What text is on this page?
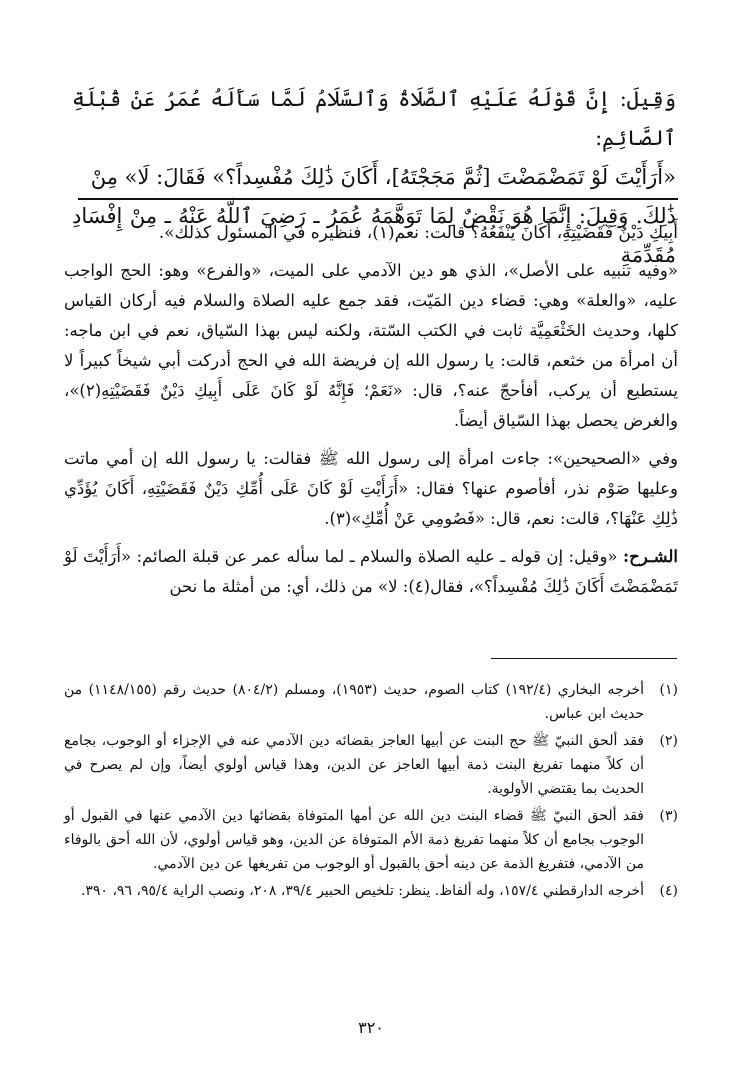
وَقِيلَ: إِنَّ قَوْلَهُ عَلَيْهِ ٱلصَّلَاةُ وَٱلسَّلَامُ لَمَّا سَأَلَهُ عُمَرُ عَنْ قُبْلَةِ ٱلصَّائِمِ:

«أَرَأَيْتَ لَوْ تَمَضْمَضْتَ [ثُمَّ مَجَجْتَهُ]، أَكَانَ ذَٰلِكَ مُفْسِداً؟» فَقَالَ: لَا» مِنْ

ذَٰلِكَ. وَقِيلَ: إِنَّمَا هُوَ نَقْضٌ لِمَا تَوَهَّمَهُ عُمَرُ ـ رَضِيَ ٱللَّهُ عَنْهُ ـ مِنْ إِفْسَادِ مُقَدِّمَةِ

أَبِيكِ دَيْنٌ فَقَضَيْتِهِ، أَكَانَ يَنْفَعُهُ؟ قالت: نعم(١)، فنظيره في المسئول كذلك».

«وفيه تنبيه على الأصل»، الذي هو دين الآدمي على الميت، «والفرع» وهو: الحج الواجب عليه، «والعلة» وهي: قضاء دين المَيّت، فقد جمع عليه الصلاة والسلام فيه أركان القياس كلها، وحديث الخَثْعَمِيَّة ثابت في الكتب السّتة، ولكنه ليس بهذا السّياق، نعم في ابن ماجه: أن امرأة من خثعم، قالت: يا رسول الله إن فريضة الله في الحج أدركت أبي شيخاً كبيراً لا يستطيع أن يركب، أفأحجّ عنه؟، قال: «نَعَمْ؛ فَإِنَّهُ لَوْ كَانَ عَلَى أَبِيكِ دَيْنٌ فَقَضَيْتِهِ(٢)»، والغرض يحصل بهذا السّياق أيضاً.

وفي «الصحيحين»: جاءت امرأة إلى رسول الله ﷺ فقالت: يا رسول الله إن أمي ماتت وعليها صَوْم نذر، أفأصوم عنها؟ فقال: «أَرَأَيْتِ لَوْ كَانَ عَلَى أُمِّكِ دَيْنٌ فَقَضَيْتِهِ، أَكَانَ يُؤَدِّي ذَٰلِكِ عَنْهَا؟، قالت: نعم، قال: «فَصُومِي عَنْ أُمِّكِ»(٣).

الشـرح: «وقيل: إن قوله ـ عليه الصلاة والسلام ـ لما سأله عمر عن قبلة الصائم: «أَرَأَيْتَ لَوْ تَمَضْمَضْتَ أَكَانَ ذَٰلِكَ مُفْسِداً؟»، فقال(٤): لا» من ذلك، أي: من أمثلة ما نحن

(١)
أخرجه البخاري (١٩٢/٤) كتاب الصوم، حديث (١٩٥٣)، ومسلم (٨٠٤/٢) حديث رقم (١١٤٨/١٥٥) من حديث ابن عباس.
(٢)
فقد ألحق النبيّ ﷺ حج البنت عن أبيها العاجز بقضائه دين الآدمي عنه في الإجزاء أو الوجوب، بجامع أن كلاً منهما تفريغ البنت ذمة أبيها العاجز عن الدين، وهذا قياس أولوي أيضاً، وإن لم يصرح في الحديث بما يقتضي الأولوية.
(٣)
فقد ألحق النبيّ ﷺ قضاء البنت دين الله عن أمها المتوفاة بقضائها دين الآدمي عنها في القبول أو الوجوب بجامع أن كلاً منهما تفريغ ذمة الأم المتوفاة عن الدين، وهو قياس أولوي، لأن الله أحق بالوفاء من الآدمي، فتفريغ الذمة عن دينه أحق بالقبول أو الوجوب من تفريغها عن دين الآدمي.
(٤)
أخرجه الدارقطني ١٥٧/٤، وله ألفاظ. ينظر: تلخيص الحبير ٣٩/٤، ٢٠٨، ونصب الراية ٩٥/٤، ٩٦، ٣٩٠.
٣٢٠
